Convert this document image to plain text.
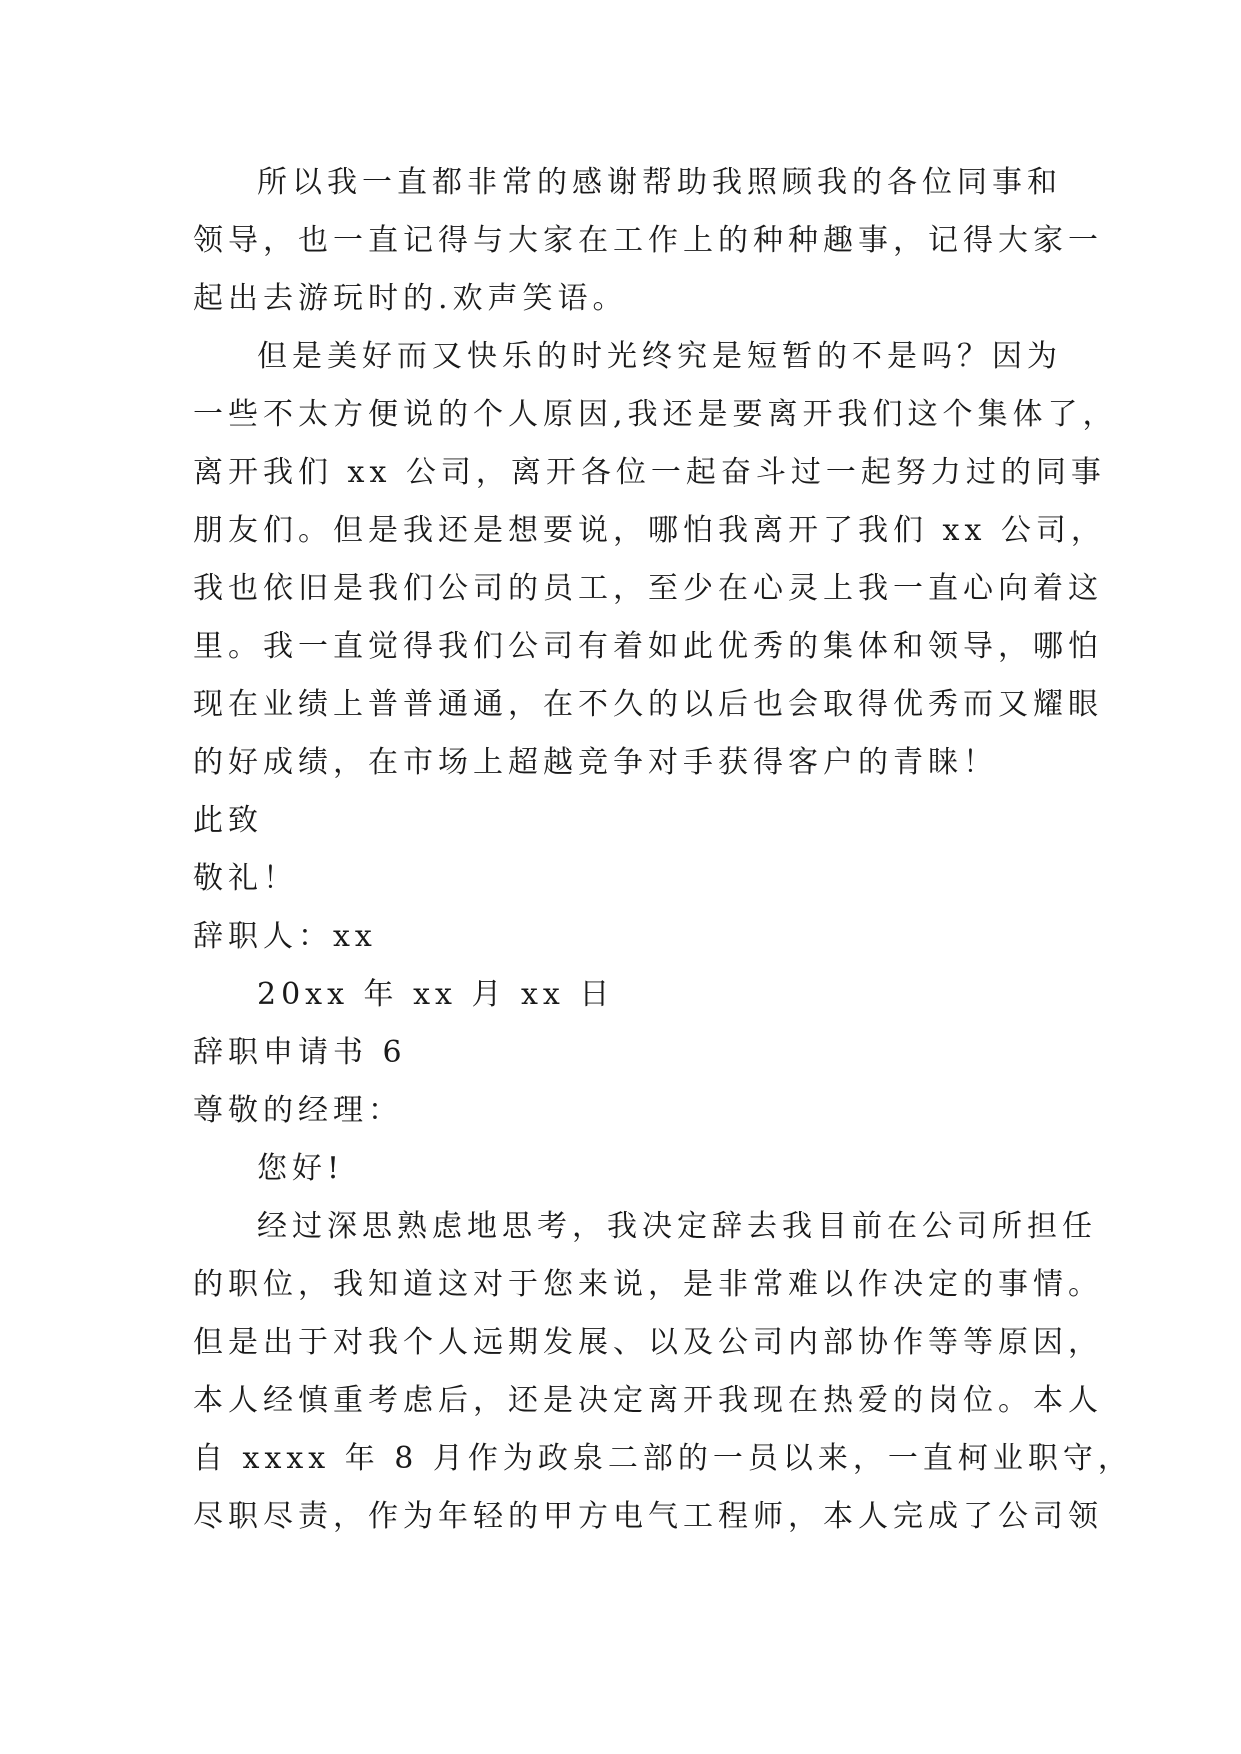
所以我一直都非常的感谢帮助我照顾我的各位同事和
领导，也一直记得与大家在工作上的种种趣事，记得大家一
起出去游玩时的.欢声笑语。
但是美好而又快乐的时光终究是短暂的不是吗？因为
一些不太方便说的个人原因,我还是要离开我们这个集体了，
离开我们 xx 公司，离开各位一起奋斗过一起努力过的同事
朋友们。但是我还是想要说，哪怕我离开了我们 xx 公司，
我也依旧是我们公司的员工，至少在心灵上我一直心向着这
里。我一直觉得我们公司有着如此优秀的集体和领导，哪怕
现在业绩上普普通通，在不久的以后也会取得优秀而又耀眼
的好成绩，在市场上超越竞争对手获得客户的青睐！
此致
敬礼！
辞职人：xx
20xx 年 xx 月 xx 日
辞职申请书 6
尊敬的经理：
您好!
经过深思熟虑地思考，我决定辞去我目前在公司所担任
的职位，我知道这对于您来说，是非常难以作决定的事情。
但是出于对我个人远期发展、以及公司内部协作等等原因，
本人经慎重考虑后，还是决定离开我现在热爱的岗位。本人
自 xxxx 年 8 月作为政泉二部的一员以来，一直柯业职守，
尽职尽责，作为年轻的甲方电气工程师，本人完成了公司领
